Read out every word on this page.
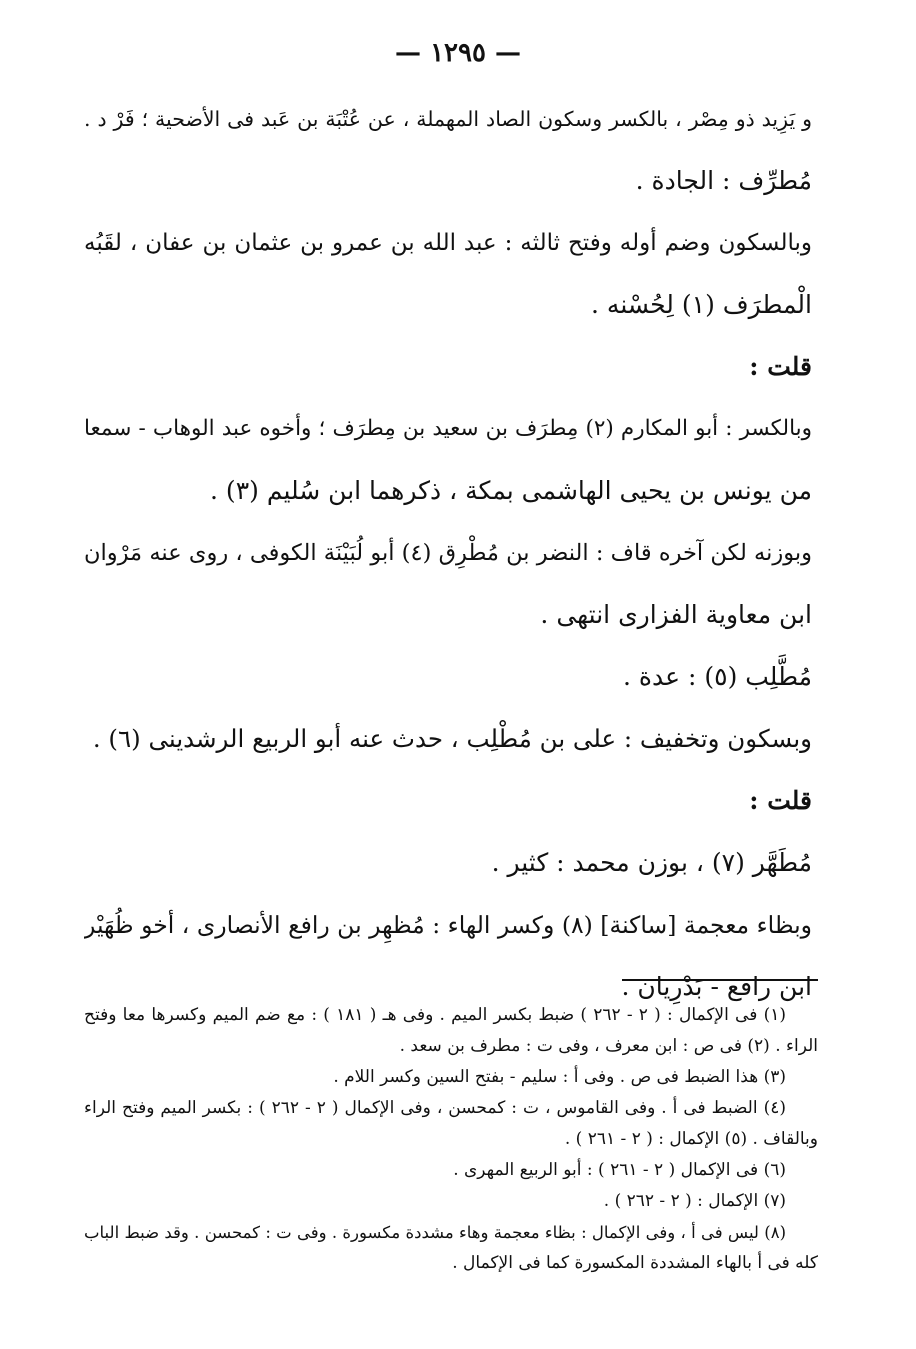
— ١٢٩٥ —
و يَزِيد ذو مِصْر ، بالكسر وسكون الصاد المهملة ، عن عُتْبَة بن عَبد فى الأضحية ؛ فَرْ د .
مُطرِّف : الجادة .
وبالسكون وضم أوله وفتح ثالثه : عبد الله بن عمرو بن عثمان بن عفان ، لقَبُه
الْمطرَف (١) لِحُسْنه .
قلت :
وبالكسر : أبو المكارم (٢) مِطرَف بن سعيد بن مِطرَف ؛ وأخوه عبد الوهاب - سمعا
من يونس بن يحيى الهاشمى بمكة ، ذكرهما ابن سُليم (٣) .
وبوزنه لكن آخره قاف : النضر بن مُطْرِق (٤) أبو لُبَيْنَة الكوفى ، روى عنه مَرْوان
ابن معاوية الفزارى انتهى .
مُطَّلِب (٥) : عدة .
وبسكون وتخفيف : على بن مُطْلِب ، حدث عنه أبو الربيع الرشدينى (٦) .
قلت :
مُطَهَّر (٧) ، بوزن محمد : كثير .
وبظاء معجمة [ساكنة] (٨) وكسر الهاء : مُظهِر بن رافع الأنصارى ، أخو ظُهَيْر
ابن رافع - بَدْرِيان .
(١) فى الإكمال : ( ٢ - ٢٦٢ ) ضبط بكسر الميم . وفى هـ ( ١٨١ ) : مع ضم الميم وكسرها معا وفتح
الراء . (٢) فى ص : ابن معرف ، وفى ت : مطرف بن سعد .
(٣) هذا الضبط فى ص . وفى أ : سليم - بفتح السين وكسر اللام .
(٤) الضبط فى أ . وفى القاموس ، ت : كمحسن ، وفى الإكمال ( ٢ - ٢٦٢ ) : بكسر الميم وفتح الراء
وبالقاف . (٥) الإكمال : ( ٢ - ٢٦١ ) .
(٦) فى الإكمال ( ٢ - ٢٦١ ) : أبو الربيع المهرى .
(٧) الإكمال : ( ٢ - ٢٦٢ ) .
(٨) ليس فى أ ، وفى الإكمال : بظاء معجمة وهاء مشددة مكسورة . وفى ت : كمحسن . وقد ضبط الباب
كله فى أ بالهاء المشددة المكسورة كما فى الإكمال .
